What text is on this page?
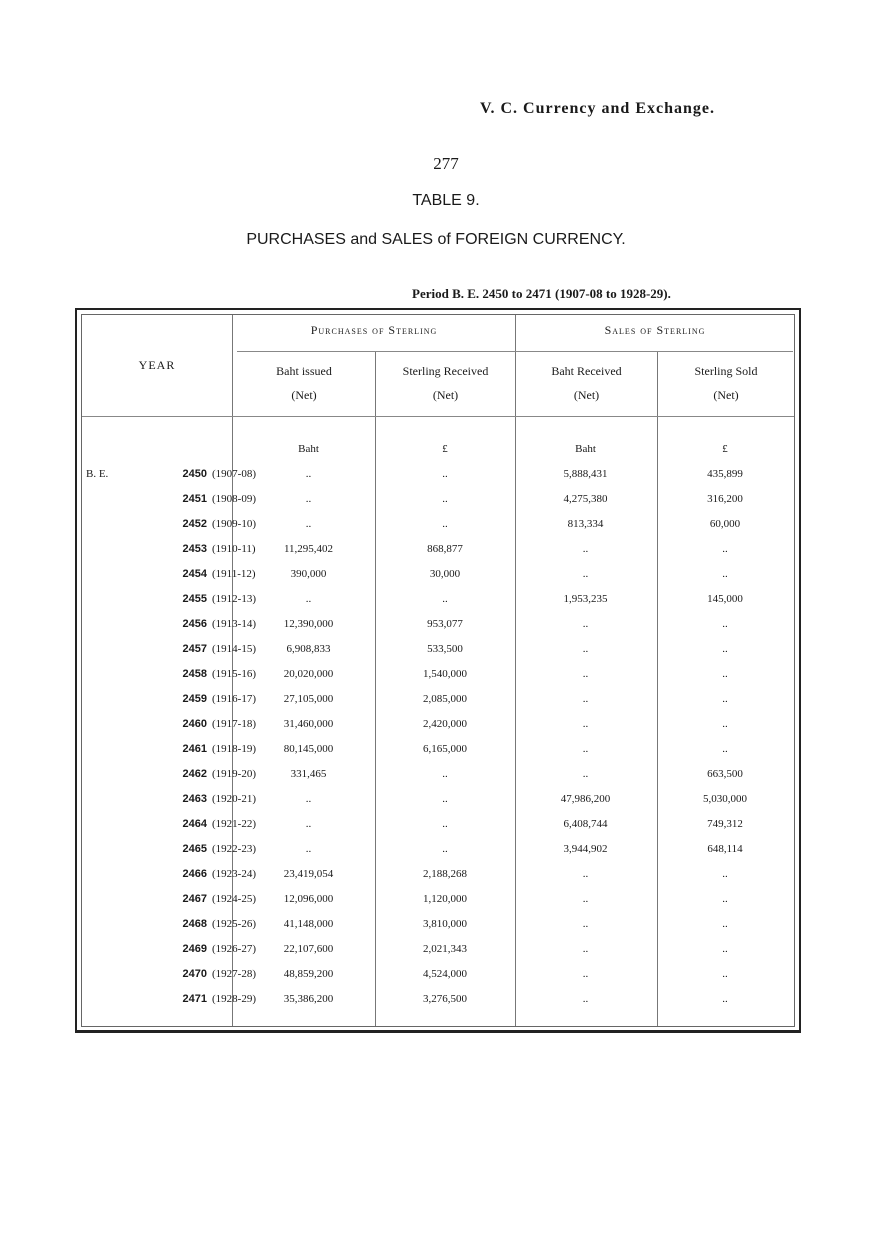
V. C. Currency and Exchange.
277
TABLE 9.
PURCHASES and SALES of FOREIGN CURRENCY.
Period B. E. 2450 to 2471 (1907-08 to 1928-29).
YEAR
Purchases of Sterling	Sales of Sterling
Baht issued
(Net)
Sterling Received
(Net)
Baht Received
(Net)
Sterling Sold
(Net)
Baht	£	Baht	£
B. E.	2450 (1907-08)	..	..	5,888,431	435,899
2451 (1908-09)	..	..	4,275,380	316,200
2452 (1909-10)	..	..	813,334	60,000
2453 (1910-11)	11,295,402	868,877	..	..
2454 (1911-12)	390,000	30,000	..	..
2455 (1912-13)	..	..	1,953,235	145,000
2456 (1913-14)	12,390,000	953,077	..	..
2457 (1914-15)	6,908,833	533,500	..	..
2458 (1915-16)	20,020,000	1,540,000	..	..
2459 (1916-17)	27,105,000	2,085,000	..	..
2460 (1917-18)	31,460,000	2,420,000	..	..
2461 (1918-19)	80,145,000	6,165,000	..	..
2462 (1919-20)	331,465	..	..	663,500
2463 (1920-21)	..	..	47,986,200	5,030,000
2464 (1921-22)	..	..	6,408,744	749,312
2465 (1922-23)	..	..	3,944,902	648,114
2466 (1923-24)	23,419,054	2,188,268	..	..
2467 (1924-25)	12,096,000	1,120,000	..	..
2468 (1925-26)	41,148,000	3,810,000	..	..
2469 (1926-27)	22,107,600	2,021,343	..	..
2470 (1927-28)	48,859,200	4,524,000	..	..
2471 (1928-29)	35,386,200	3,276,500	..	..
